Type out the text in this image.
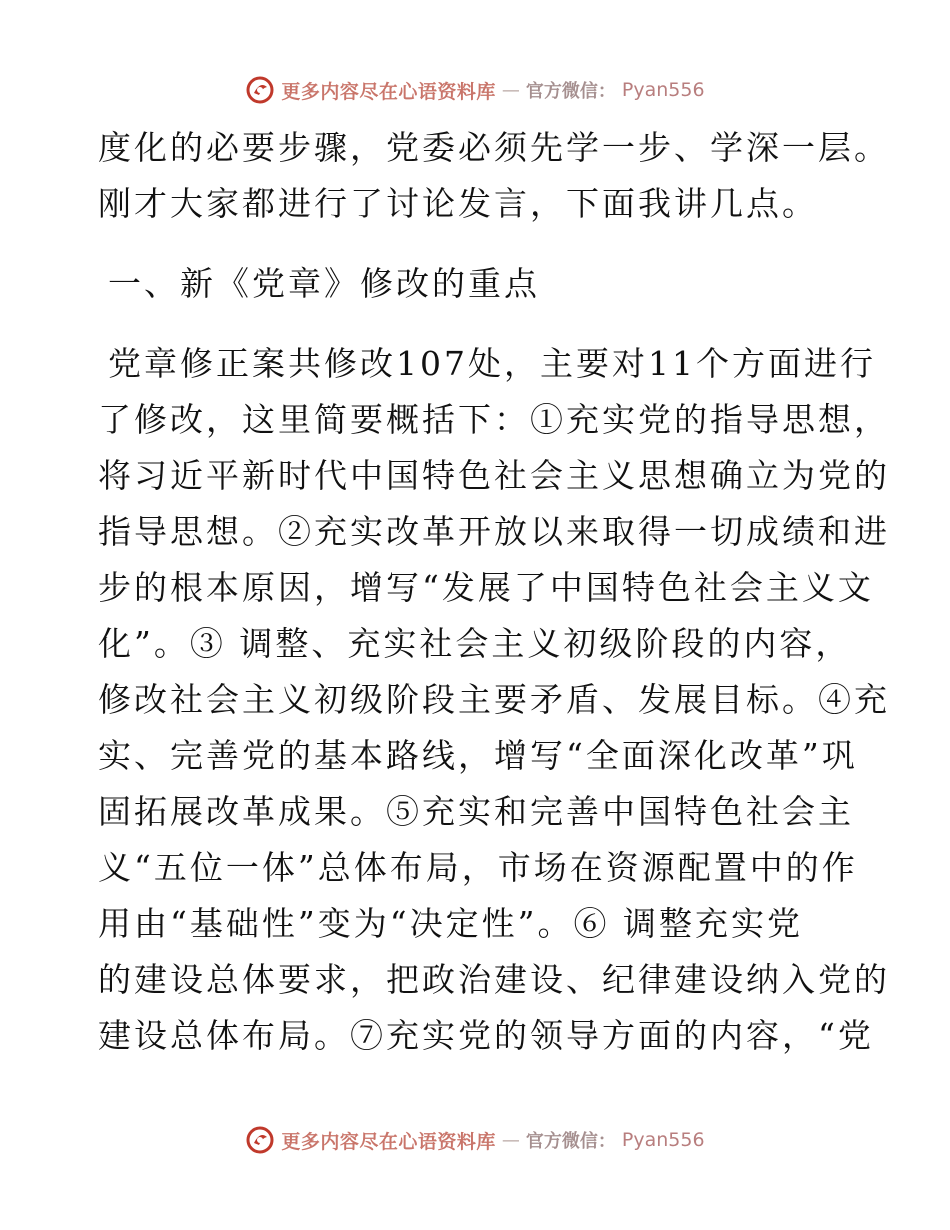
更多内容尽在心语资料库 — 官方微信： Pyan556
度化的必要步骤，党委必须先学一步、学深一层。
刚才大家都进行了讨论发言，下面我讲几点。
一、新《党章》修改的重点
党章修正案共修改107处，主要对11个方面进行
了修改，这里简要概括下：①充实党的指导思想，
将习近平新时代中国特色社会主义思想确立为党的
指导思想。②充实改革开放以来取得一切成绩和进
步的根本原因，增写“发展了中国特色社会主义文
化”。③ 调整、充实社会主义初级阶段的内容，
修改社会主义初级阶段主要矛盾、发展目标。④充
实、完善党的基本路线，增写“全面深化改革”巩
固拓展改革成果。⑤充实和完善中国特色社会主
义“五位一体”总体布局，市场在资源配置中的作
用由“基础性”变为“决定性”。⑥ 调整充实党
的建设总体要求，把政治建设、纪律建设纳入党的
建设总体布局。⑦充实党的领导方面的内容，“党
更多内容尽在心语资料库 — 官方微信： Pyan556
